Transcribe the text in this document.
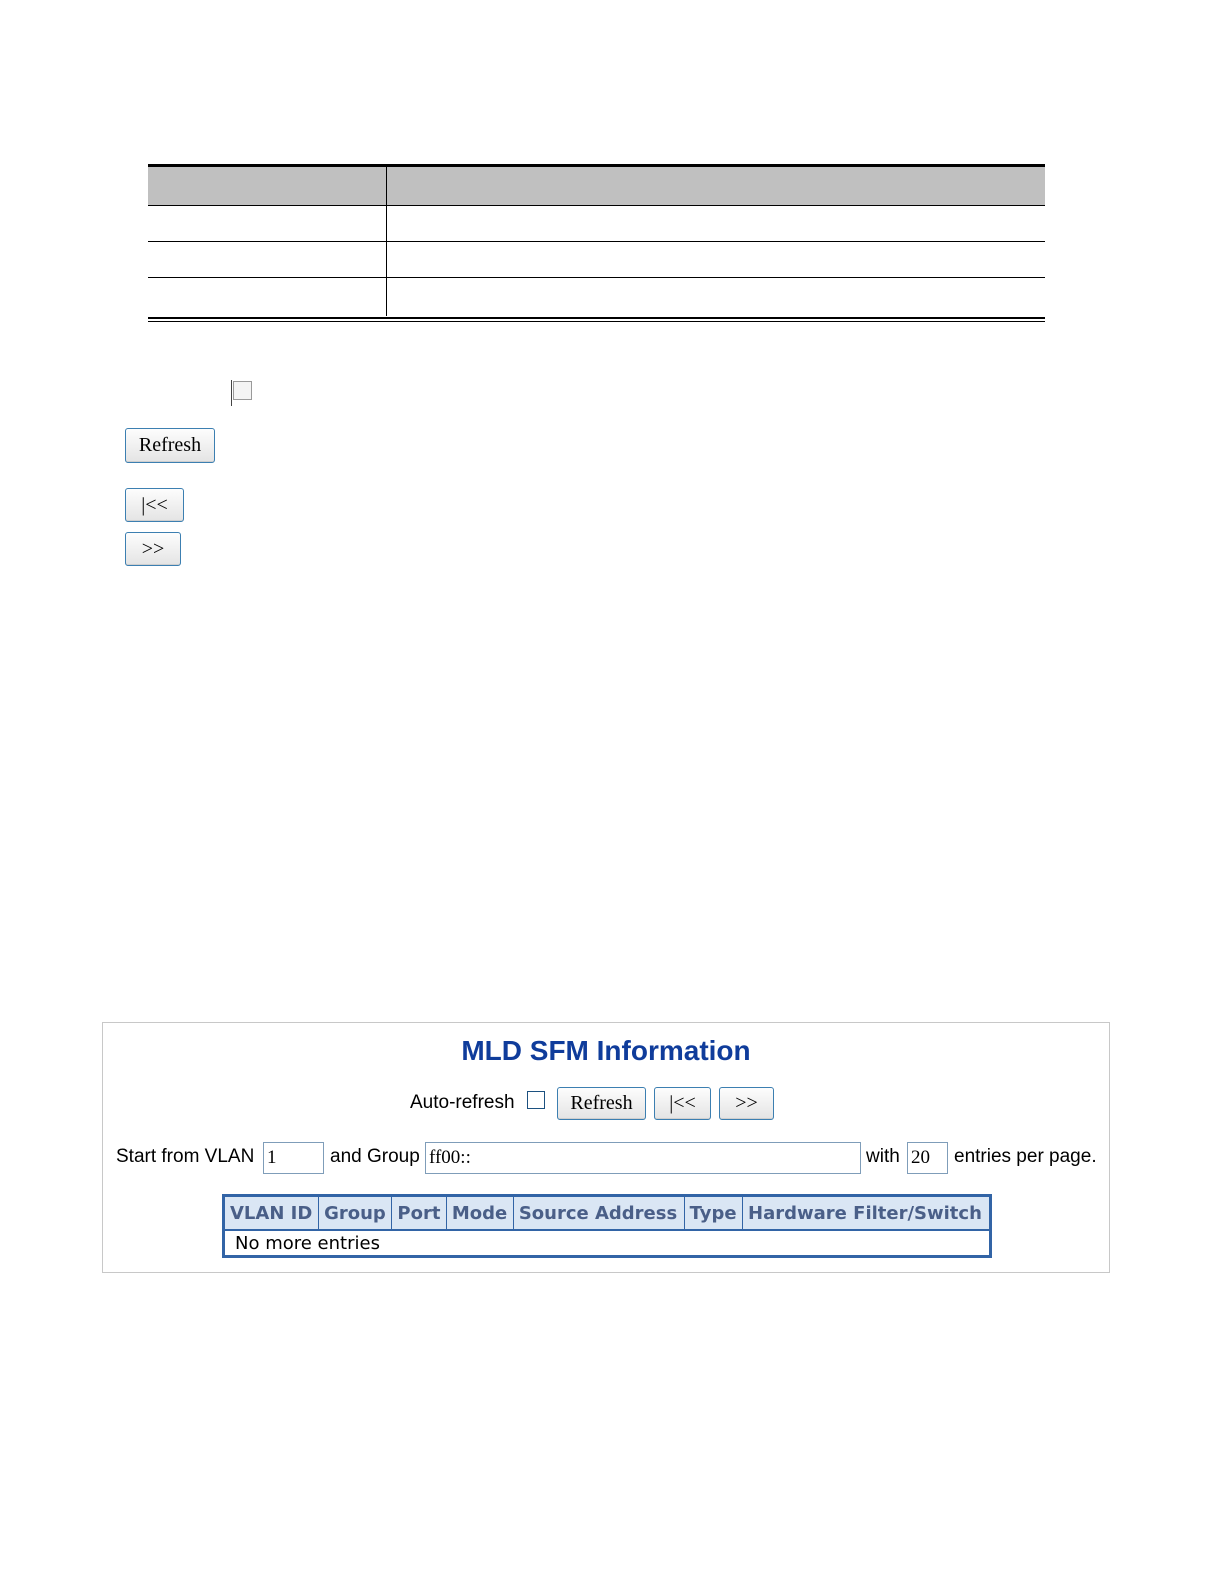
Refresh
|<<
>>
MLD SFM Information
Auto-refresh	Refresh	|<<	>>
Start from VLAN
1	and Group
ff00::	with
20	entries per page.
VLAN ID	Group	Port	Mode	Source Address	Type	Hardware Filter/Switch
No more entries
